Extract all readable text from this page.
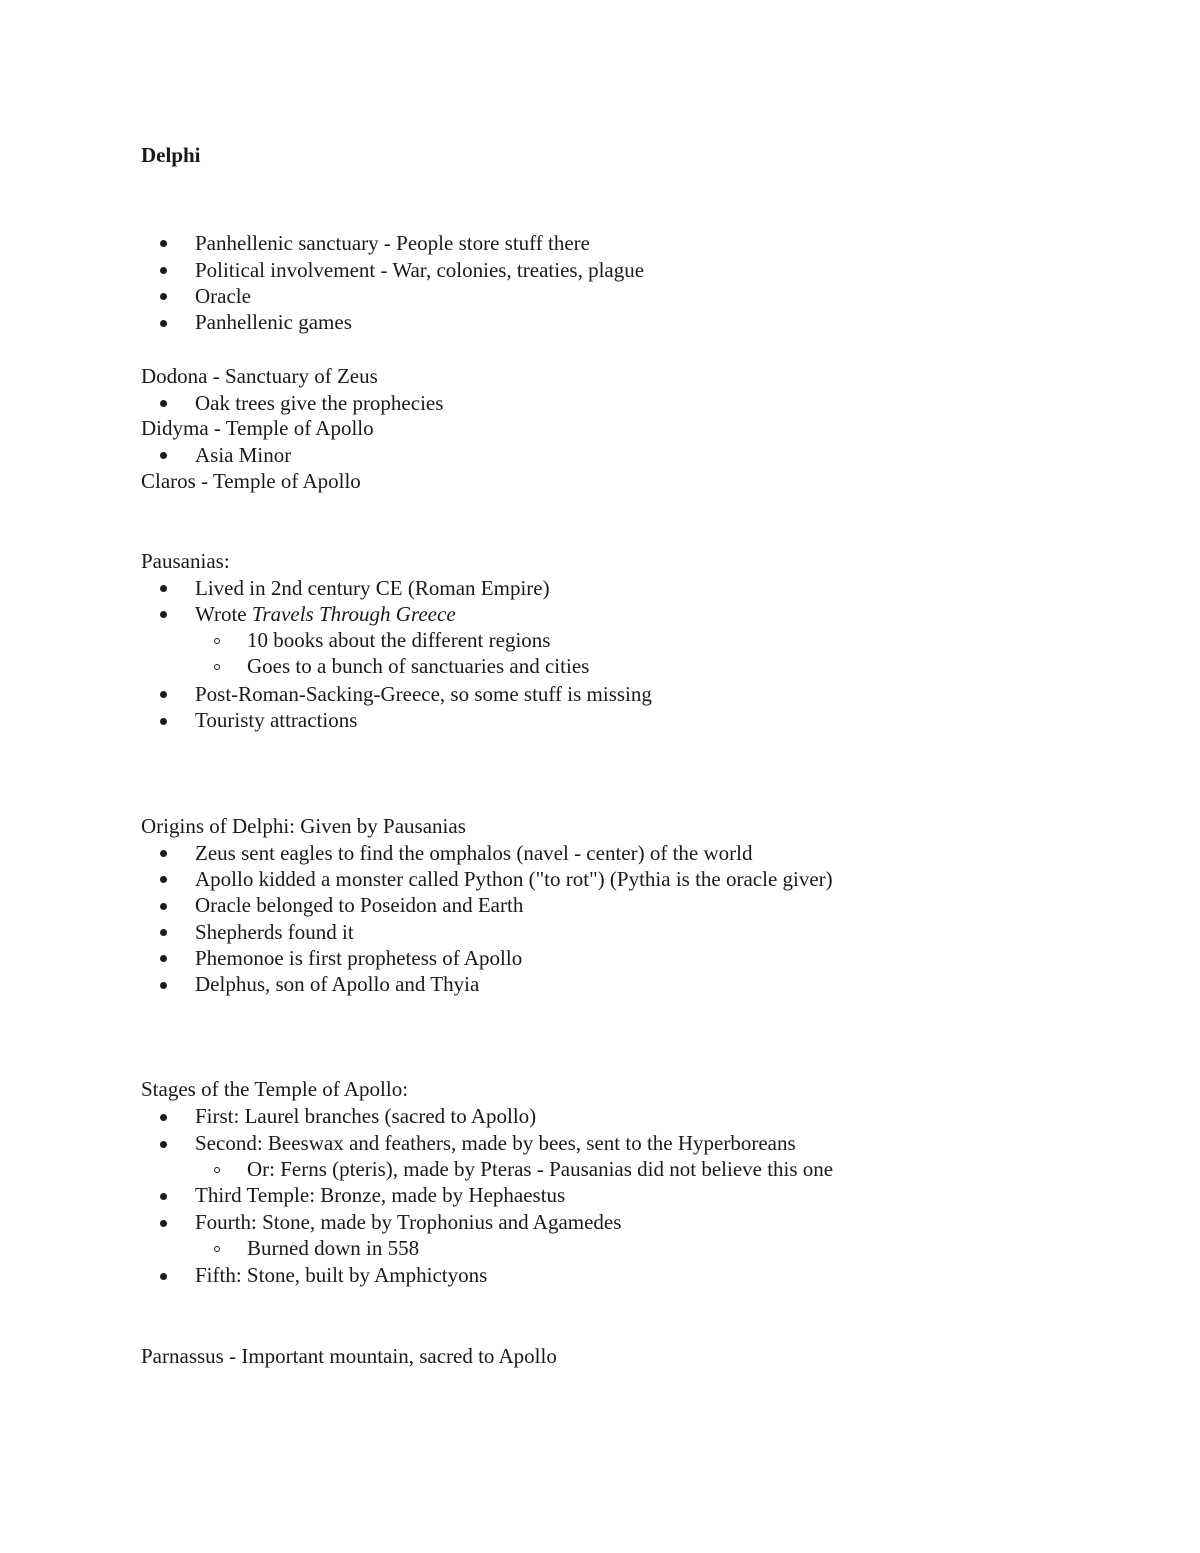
Delphi
Panhellenic sanctuary - People store stuff there
Political involvement - War, colonies, treaties, plague
Oracle
Panhellenic games
Dodona - Sanctuary of Zeus
Oak trees give the prophecies
Didyma - Temple of Apollo
Asia Minor
Claros - Temple of Apollo
Pausanias:
Lived in 2nd century CE (Roman Empire)
Wrote Travels Through Greece
10 books about the different regions
Goes to a bunch of sanctuaries and cities
Post-Roman-Sacking-Greece, so some stuff is missing
Touristy attractions
Origins of Delphi: Given by Pausanias
Zeus sent eagles to find the omphalos (navel - center) of the world
Apollo kidded a monster called Python ("to rot") (Pythia is the oracle giver)
Oracle belonged to Poseidon and Earth
Shepherds found it
Phemonoe is first prophetess of Apollo
Delphus, son of Apollo and Thyia
Stages of the Temple of Apollo:
First: Laurel branches (sacred to Apollo)
Second: Beeswax and feathers, made by bees, sent to the Hyperboreans
Or: Ferns (pteris), made by Pteras - Pausanias did not believe this one
Third Temple: Bronze, made by Hephaestus
Fourth: Stone, made by Trophonius and Agamedes
Burned down in 558
Fifth: Stone, built by Amphictyons
Parnassus - Important mountain, sacred to Apollo
